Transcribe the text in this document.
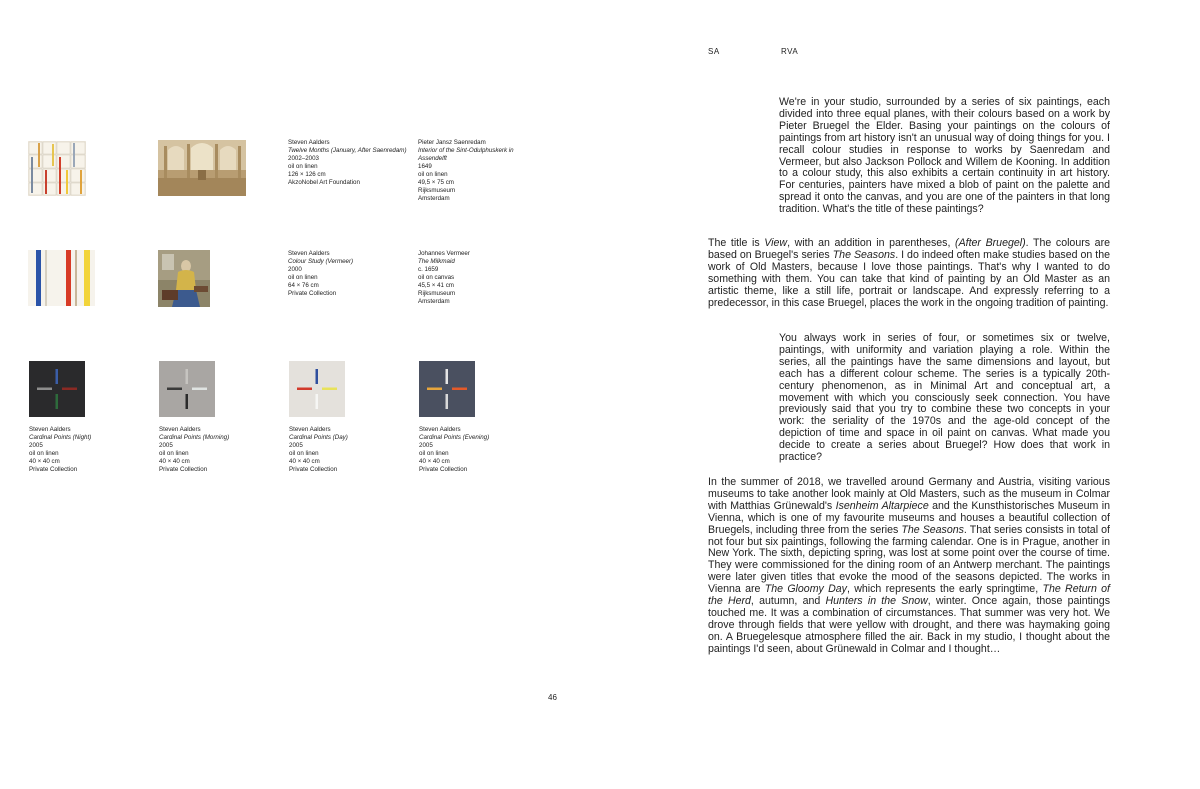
SA	RVA
Steven Aalders
Twelve Months (January, After Saenredam)
2002–2003
oil on linen
126 × 126 cm
AkzoNobel Art Foundation
Pieter Jansz Saenredam
Interior of the Sint-Odulphuskerk in Assendelft
1649
oil on linen
49,5 × 75 cm
Rijksmuseum
Amsterdam
Steven Aalders
Colour Study (Vermeer)
2000
oil on linen
64 × 76 cm
Private Collection
Johannes Vermeer
The Milkmaid
c. 1659
oil on canvas
45,5 × 41 cm
Rijksmuseum
Amsterdam
Steven Aalders
Cardinal Points (Night)
2005
oil on linen
40 × 40 cm
Private Collection
Steven Aalders
Cardinal Points (Morning)
2005
oil on linen
40 × 40 cm
Private Collection
Steven Aalders
Cardinal Points (Day)
2005
oil on linen
40 × 40 cm
Private Collection
Steven Aalders
Cardinal Points (Evening)
2005
oil on linen
40 × 40 cm
Private Collection
46
We're in your studio, surrounded by a series of six paintings, each divided into three equal planes, with their colours based on a work by Pieter Bruegel the Elder. Basing your paintings on the colours of paintings from art history isn't an unusual way of doing things for you. I recall colour studies in response to works by Saenredam and Vermeer, but also Jackson Pollock and Willem de Kooning. In addition to a colour study, this also exhibits a certain continuity in art history. For centuries, painters have mixed a blob of paint on the palette and spread it onto the canvas, and you are one of the painters in that long tradition. What's the title of these paintings?
The title is View, with an addition in parentheses, (After Bruegel). The colours are based on Bruegel's series The Seasons. I do indeed often make studies based on the work of Old Masters, because I love those paintings. That's why I wanted to do something with them. You can take that kind of painting by an Old Master as an artistic theme, like a still life, portrait or landscape. And expressly referring to a predecessor, in this case Bruegel, places the work in the ongoing tradition of painting.
You always work in series of four, or sometimes six or twelve, paintings, with uniformity and variation playing a role. Within the series, all the paintings have the same dimensions and layout, but each has a different colour scheme. The series is a typically 20th-century phenomenon, as in Minimal Art and conceptual art, a movement with which you consciously seek connection. You have previously said that you try to combine these two concepts in your work: the seriality of the 1970s and the age-old concept of the depiction of time and space in oil paint on canvas. What made you decide to create a series about Bruegel? How does that work in practice?
In the summer of 2018, we travelled around Germany and Austria, visiting various museums to take another look mainly at Old Masters, such as the museum in Colmar with Matthias Grünewald's Isenheim Altarpiece and the Kunsthistorisches Museum in Vienna, which is one of my favourite museums and houses a beautiful collection of Bruegels, including three from the series The Seasons. That series consists in total of not four but six paintings, following the farming calendar. One is in Prague, another in New York. The sixth, depicting spring, was lost at some point over the course of time. They were commissioned for the dining room of an Antwerp merchant. The paintings were later given titles that evoke the mood of the seasons depicted. The works in Vienna are The Gloomy Day, which represents the early springtime, The Return of the Herd, autumn, and Hunters in the Snow, winter. Once again, those paintings touched me. It was a combination of circumstances. That summer was very hot. We drove through fields that were yellow with drought, and there was haymaking going on. A Bruegelesque atmosphere filled the air. Back in my studio, I thought about the paintings I'd seen, about Grünewald in Colmar and I thought…
